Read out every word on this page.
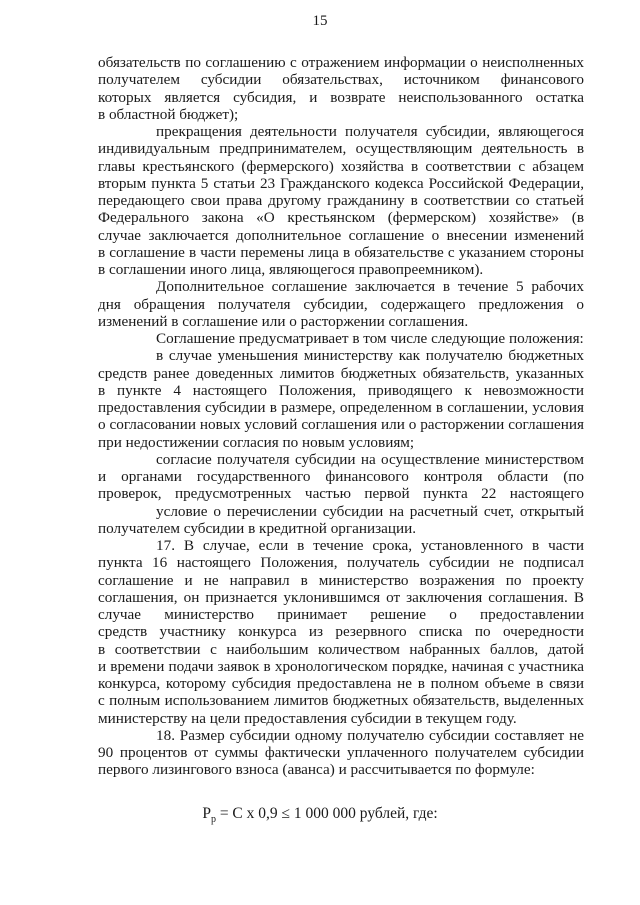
15
обязательств по соглашению с отражением информации о неисполненных
получателем субсидии обязательствах, источником финансового
которых является субсидия, и возврате неиспользованного остатка
в областной бюджет);
прекращения деятельности получателя субсидии, являющегося
индивидуальным предпринимателем, осуществляющим деятельность в
главы крестьянского (фермерского) хозяйства в соответствии с абзацем
вторым пункта 5 статьи 23 Гражданского кодекса Российской Федерации,
передающего свои права другому гражданину в соответствии со статьей
Федерального закона «О крестьянском (фермерском) хозяйстве» (в
случае заключается дополнительное соглашение о внесении изменений
в соглашение в части перемены лица в обязательстве с указанием стороны
в соглашении иного лица, являющегося правопреемником).
Дополнительное соглашение заключается в течение 5 рабочих
дня обращения получателя субсидии, содержащего предложения о
изменений в соглашение или о расторжении соглашения.
Соглашение предусматривает в том числе следующие положения:
в случае уменьшения министерству как получателю бюджетных
средств ранее доведенных лимитов бюджетных обязательств, указанных
в пункте 4 настоящего Положения, приводящего к невозможности
предоставления субсидии в размере, определенном в соглашении, условия
о согласовании новых условий соглашения или о расторжении соглашения
при недостижении согласия по новым условиям;
согласие получателя субсидии на осуществление министерством
и органами государственного финансового контроля области (по
проверок, предусмотренных частью первой пункта 22 настоящего
условие о перечислении субсидии на расчетный счет, открытый
получателем субсидии в кредитной организации.
17. В случае, если в течение срока, установленного в части
пункта 16 настоящего Положения, получатель субсидии не подписал
соглашение и не направил в министерство возражения по проекту
соглашения, он признается уклонившимся от заключения соглашения. В
случае министерство принимает решение о предоставлении
средств участнику конкурса из резервного списка по очередности
в соответствии с наибольшим количеством набранных баллов, датой
и времени подачи заявок в хронологическом порядке, начиная с участника
конкурса, которому субсидия предоставлена не в полном объеме в связи
с полным использованием лимитов бюджетных обязательств, выделенных
министерству на цели предоставления субсидии в текущем году.
18. Размер субсидии одному получателю субсидии составляет не
90 процентов от суммы фактически уплаченного получателем субсидии
первого лизингового взноса (аванса) и рассчитывается по формуле:
$P_р = C$ x 0,9 ≤ 1 000 000 рублей, где:
